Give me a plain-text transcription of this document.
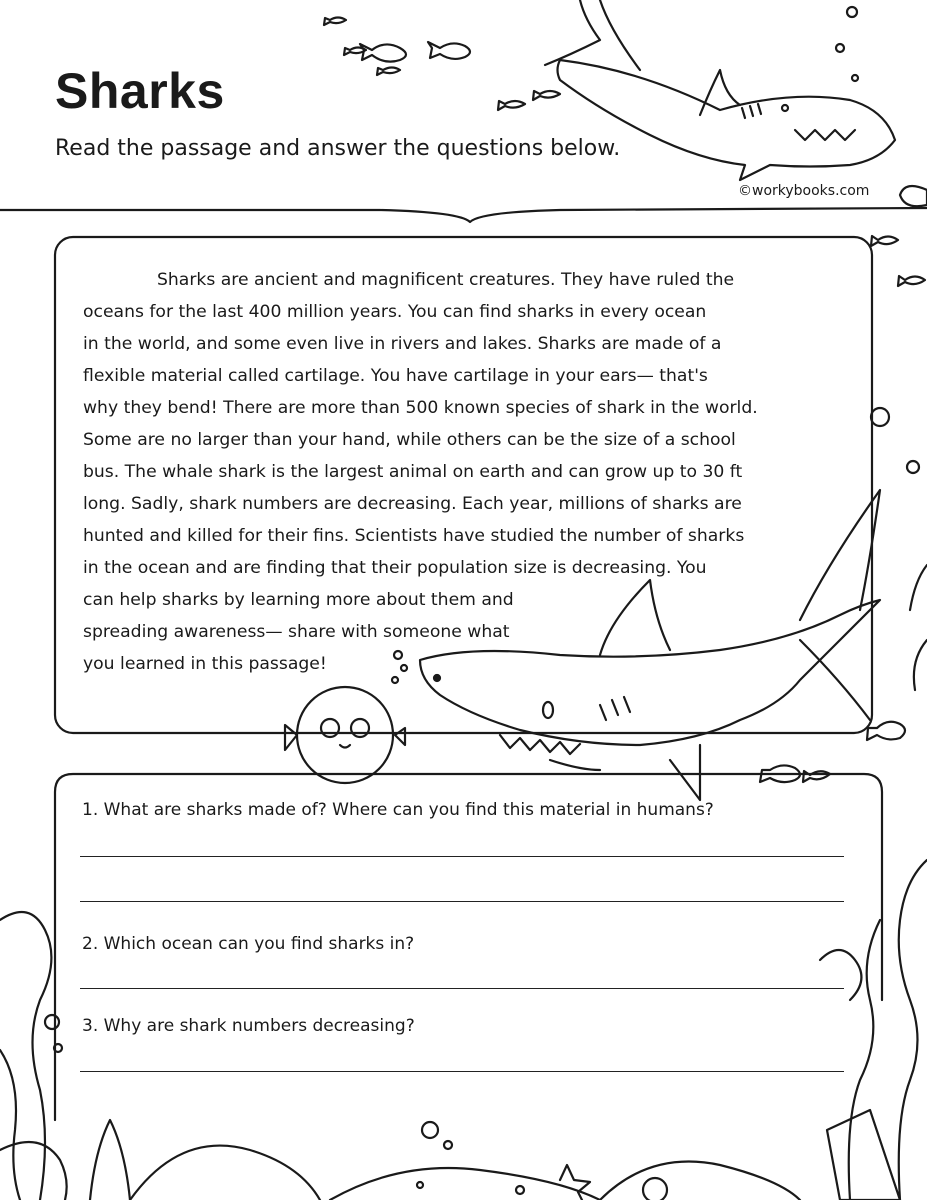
Sharks

Read the passage and answer the questions below.

©workybooks.com
Sharks are ancient and magnificent creatures. They have ruled the
oceans for the last 400 million years. You can find sharks in every ocean
in the world, and some even live in rivers and lakes. Sharks are made of a
flexible material called cartilage. You have cartilage in your ears— that's
why they bend! There are more than 500 known species of shark in the world.
Some are no larger than your hand, while others can be the size of a school
bus. The whale shark is the largest animal on earth and can grow up to 30 ft
long. Sadly, shark numbers are decreasing. Each year, millions of sharks are
hunted and killed for their fins. Scientists have studied the number of sharks
in the ocean and are finding that their population size is decreasing. You
can help sharks by learning more about them and
spreading awareness— share with someone what
you learned in this passage!
1. What are sharks made of? Where can you find this material in humans?
2. Which ocean can you find sharks in?
3. Why are shark numbers decreasing?
